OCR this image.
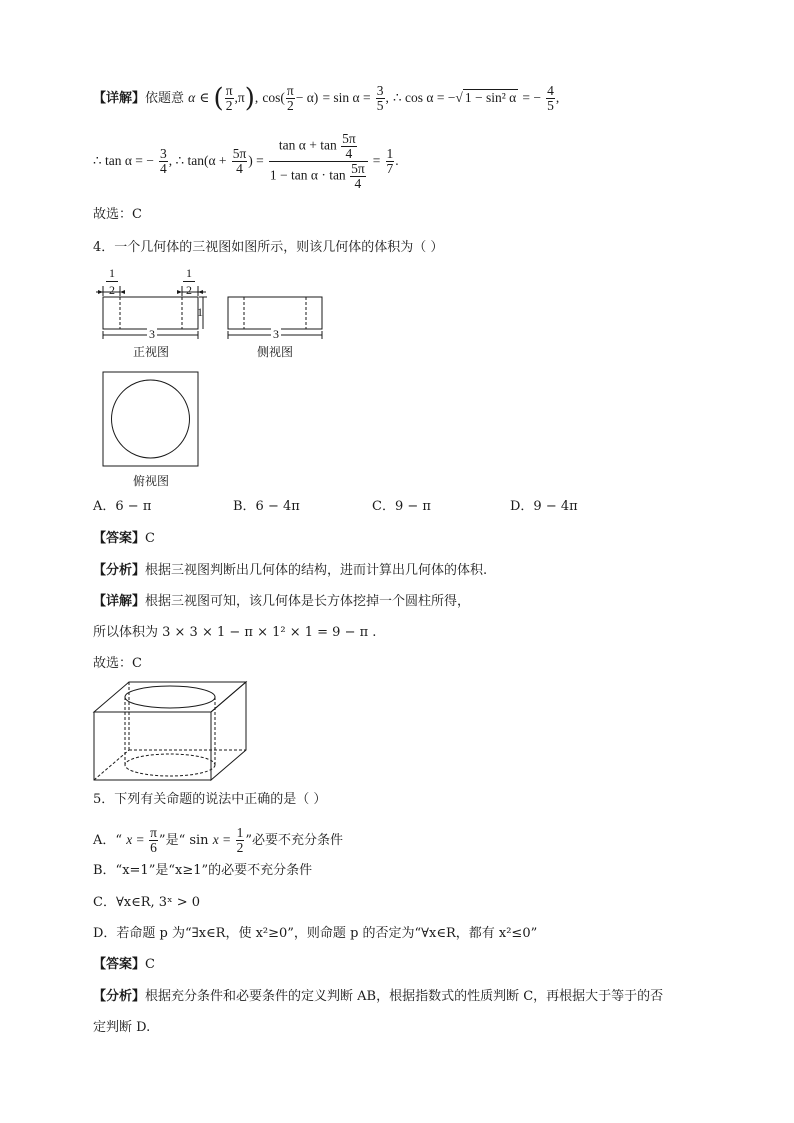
【详解】依题意 α ∈ ( $\frac{\pi}{2} ,\pi$), $\cos( \frac{\pi}{2} - \alpha) = \sin \alpha = \frac{3}{5}$ , ∴ cos α = −√ 1 − sin² α = − $\frac{4}{5}$ ,
∴ tan α = − $\frac{3}{4}$ , ∴ $\tan(\alpha + \frac{5\pi}{4}$ ) = $\frac{\tan \alpha + \tan \frac{5\pi}{4}}{1 - \tan \alpha \cdot \tan \frac{5\pi}{4}} = \frac{1}{7}$ .
故选：C
4．一个几何体的三视图如图所示，则该几何体的体积为（ ）
1
2
1
2
1
3	3
正视图	侧视图
俯视图
A．6 − π	B．6 − 4π	C．9 − π	D．9 − 4π
【答案】C
【分析】根据三视图判断出几何体的结构，进而计算出几何体的体积.
【详解】根据三视图可知，该几何体是长方体挖掉一个圆柱所得，
所以体积为 3 × 3 × 1 − π × 1² × 1 = 9 − π .
故选：C
5．下列有关命题的说法中正确的是（ ）
A．“ $x = \frac{\pi}{6}$ ”是“ $\sin x = \frac{1}{2}$ ”必要不充分条件
B．“x=1”是“x≥1”的必要不充分条件
C．∀x∈R, 3ˣ > 0
D．若命题 p 为“∃x∈R，使 x²≥0”，则命题 p 的否定为“∀x∈R，都有 x²≤0”
【答案】C
【分析】根据充分条件和必要条件的定义判断 AB，根据指数式的性质判断 C，再根据大于等于的否
定判断 D.
